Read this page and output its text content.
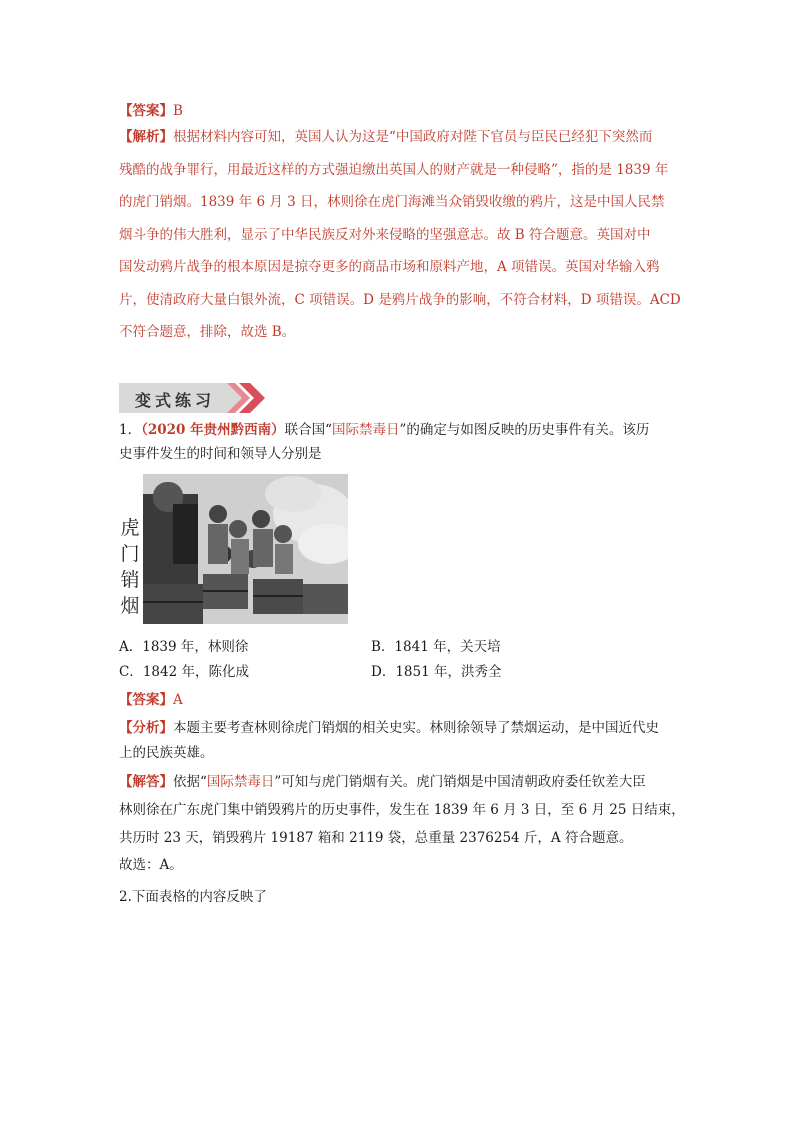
【答案】B
【解析】根据材料内容可知，英国人认为这是“中国政府对陛下官员与臣民已经犯下突然而
残酷的战争罪行，用最近这样的方式强迫缴出英国人的财产就是一种侵略”，指的是 1839 年
的虎门销烟。1839 年 6 月 3 日，林则徐在虎门海滩当众销毁收缴的鸦片，这是中国人民禁
烟斗争的伟大胜利，显示了中华民族反对外来侵略的坚强意志。故 B 符合题意。英国对中
国发动鸦片战争的根本原因是掠夺更多的商品市场和原料产地，A 项错误。英国对华输入鸦
片，使清政府大量白银外流，C 项错误。D 是鸦片战争的影响，不符合材料，D 项错误。ACD
不符合题意，排除，故选 B。
变式练习
1．（2020 年贵州黔西南）联合国“国际禁毒日”的确定与如图反映的历史事件有关。该历
史事件发生的时间和领导人分别是
虎
门
销
烟
A．1839 年，林则徐	B．1841 年，关天培
C．1842 年，陈化成	D．1851 年，洪秀全
【答案】A
【分析】本题主要考查林则徐虎门销烟的相关史实。林则徐领导了禁烟运动，是中国近代史
上的民族英雄。
【解答】依据“国际禁毒日”可知与虎门销烟有关。虎门销烟是中国清朝政府委任钦差大臣
林则徐在广东虎门集中销毁鸦片的历史事件，发生在 1839 年 6 月 3 日，至 6 月 25 日结束，
共历时 23 天，销毁鸦片 19187 箱和 2119 袋，总重量 2376254 斤，A 符合题意。
故选：A。
2.下面表格的内容反映了
